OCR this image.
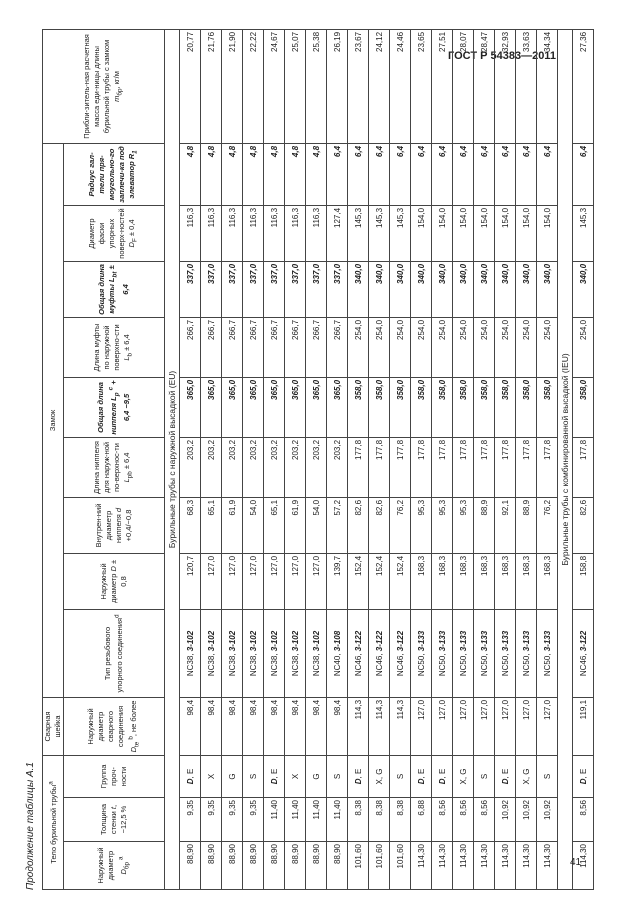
ГОСТ Р 54383—2011
Продолжение таблицы А.1 Тело бурильной трубы$^a$			Сварная шейка	Замок									Прибли-зитель-ная расчетная масса еди-ницы длины бурильной трубы с замком $m_{бр}$, кг/м
Наружный диаметр $D_{бр}$ $^a$	Толщина стенки t, −12,5 %	Группа проч-ности	Наружный диаметр сварного соединения $D_{te}$ $^b$, не более	Тип резьбового упорного соединения$^d$	Наружный диаметр D ± 0,8	Внутрен-ний диаметр ниппеля d +0,4/−0,8	Длина ниппеля для наруж-ной по-верхнос-ти $L_{pb} \pm 6,4$	Общая длина ниппеля $L_p$ $^c$ + 6,4 −9,5	Длина муфты по наружной поверхно-сти $L_b \pm 6,4$	Общая длина муфты $L_{bt} \pm 6,4$	Диаметр фаски упорных поверх-ностей $D_F \pm 0,4$	Радиус гал-тели пря-моугольно-го заплечи-ка под элеватор $R_1$
Бурильные трубы с наружной высадкой (EU)													
88,90	9,35	D, E	98,4	NC38, 3-102	120,7	68,3	203,2	365,0	266,7	337,0	116,3	4,8	20,77
88,90	9,35	X	98,4	NC38, 3-102	127,0	65,1	203,2	365,0	266,7	337,0	116,3	4,8	21,76
88,90	9,35	G	98,4	NC38, 3-102	127,0	61,9	203,2	365,0	266,7	337,0	116,3	4,8	21,90
88,90	9,35	S	98,4	NC38, 3-102	127,0	54,0	203,2	365,0	266,7	337,0	116,3	4,8	22,22
88,90	11,40	D, E	98,4	NC38, 3-102	127,0	65,1	203,2	365,0	266,7	337,0	116,3	4,8	24,67
88,90	11,40	X	98,4	NC38, 3-102	127,0	61,9	203,2	365,0	266,7	337,0	116,3	4,8	25,07
88,90	11,40	G	98,4	NC38, 3-102	127,0	54,0	203,2	365,0	266,7	337,0	116,3	4,8	25,38
88,90	11,40	S	98,4	NC40, 3-108	139,7	57,2	203,2	365,0	266,7	337,0	127,4	6,4	26,19
101,60	8,38	D, E	114,3	NC46, 3-122	152,4	82,6	177,8	358,0	254,0	340,0	145,3	6,4	23,67
101,60	8,38	X, G	114,3	NC46, 3-122	152,4	82,6	177,8	358,0	254,0	340,0	145,3	6,4	24,12
101,60	8,38	S	114,3	NC46, 3-122	152,4	76,2	177,8	358,0	254,0	340,0	145,3	6,4	24,46
114,30	6,88	D, E	127,0	NC50, 3-133	168,3	95,3	177,8	358,0	254,0	340,0	154,0	6,4	23,65
114,30	8,56	D, E	127,0	NC50, 3-133	168,3	95,3	177,8	358,0	254,0	340,0	154,0	6,4	27,51
114,30	8,56	X, G	127,0	NC50, 3-133	168,3	95,3	177,8	358,0	254,0	340,0	154,0	6,4	28,07
114,30	8,56	S	127,0	NC50, 3-133	168,3	88,9	177,8	358,0	254,0	340,0	154,0	6,4	28,47
114,30	10,92	D, E	127,0	NC50, 3-133	168,3	92,1	177,8	358,0	254,0	340,0	154,0	6,4	32,93
114,30	10,92	X, G	127,0	NC50, 3-133	168,3	88,9	177,8	358,0	254,0	340,0	154,0	6,4	33,63
114,30	10,92	S	127,0	NC50, 3-133	168,3	76,2	177,8	358,0	254,0	340,0	154,0	6,4	34,34
Бурильные трубы с комбинированной высадкой (IEU)													
114,30	8,56	D, E	119,1	NC46, 3-122	158,8	82,6	177,8	358,0	254,0	340,0	145,3	6,4	27,36
41
